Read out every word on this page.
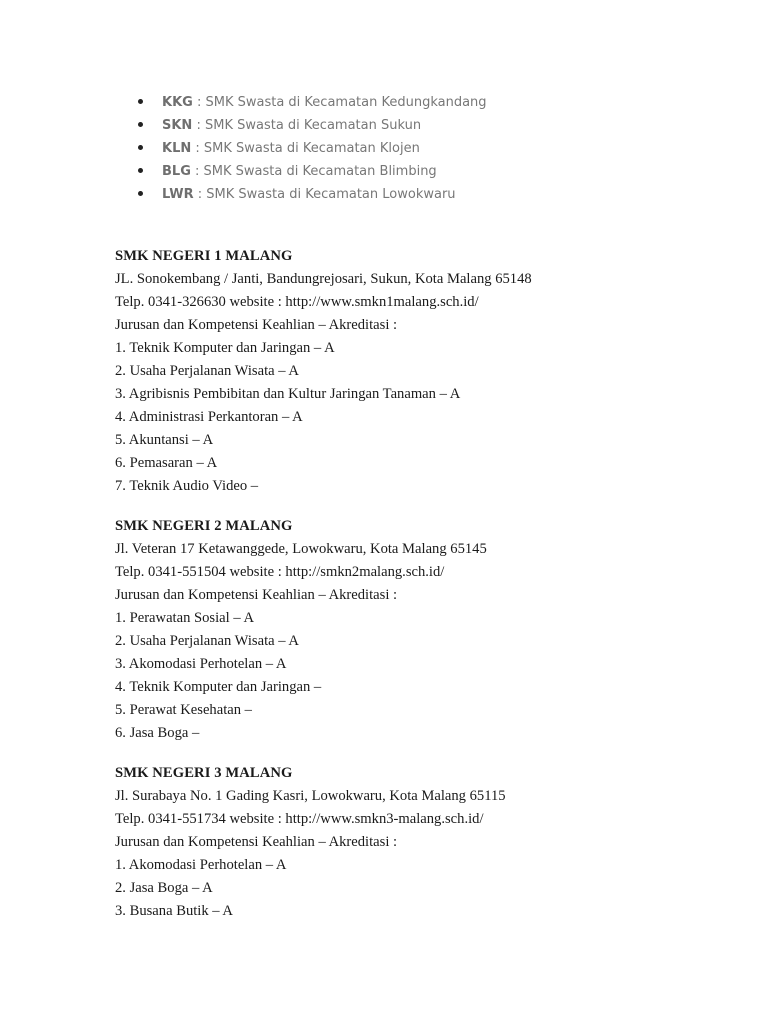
KKG : SMK Swasta di Kecamatan Kedungkandang
SKN : SMK Swasta di Kecamatan Sukun
KLN : SMK Swasta di Kecamatan Klojen
BLG : SMK Swasta di Kecamatan Blimbing
LWR : SMK Swasta di Kecamatan Lowokwaru
SMK NEGERI 1 MALANG
JL. Sonokembang / Janti, Bandungrejosari, Sukun, Kota Malang 65148
Telp. 0341-326630 website : http://www.smkn1malang.sch.id/
Jurusan dan Kompetensi Keahlian – Akreditasi :
1. Teknik Komputer dan Jaringan – A
2. Usaha Perjalanan Wisata – A
3. Agribisnis Pembibitan dan Kultur Jaringan Tanaman – A
4. Administrasi Perkantoran – A
5. Akuntansi – A
6. Pemasaran – A
7. Teknik Audio Video –
SMK NEGERI 2 MALANG
Jl. Veteran 17 Ketawanggede, Lowokwaru, Kota Malang 65145
Telp. 0341-551504 website : http://smkn2malang.sch.id/
Jurusan dan Kompetensi Keahlian – Akreditasi :
1. Perawatan Sosial – A
2. Usaha Perjalanan Wisata – A
3. Akomodasi Perhotelan – A
4. Teknik Komputer dan Jaringan –
5. Perawat Kesehatan –
6. Jasa Boga –
SMK NEGERI 3 MALANG
Jl. Surabaya No. 1 Gading Kasri, Lowokwaru, Kota Malang 65115
Telp. 0341-551734 website : http://www.smkn3-malang.sch.id/
Jurusan dan Kompetensi Keahlian – Akreditasi :
1. Akomodasi Perhotelan – A
2. Jasa Boga – A
3. Busana Butik – A
